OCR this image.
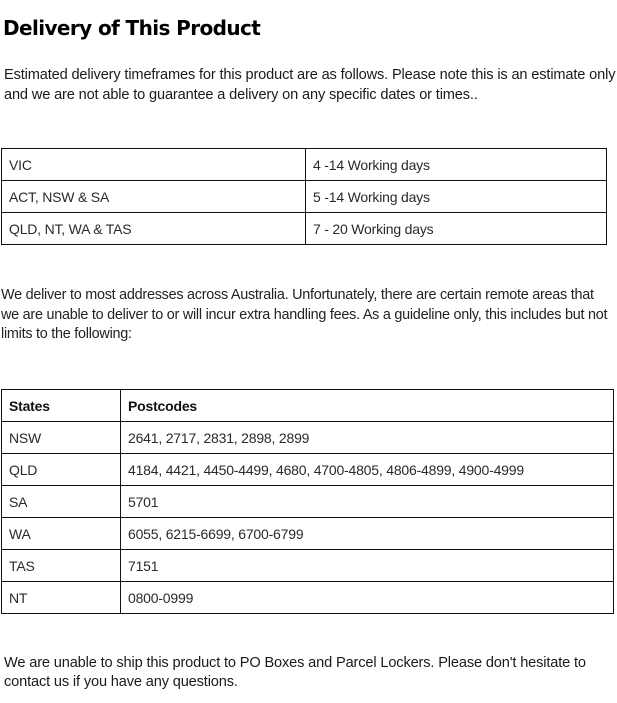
Delivery of This Product

Estimated delivery timeframes for this product are as follows. Please note this is an estimate only and we are not able to guarantee a delivery on any specific dates or times..

VIC	4 -14 Working days
ACT, NSW & SA	5 -14 Working days
QLD, NT, WA & TAS	7 - 20 Working days

We deliver to most addresses across Australia. Unfortunately, there are certain remote areas that we are unable to deliver to or will incur extra handling fees. As a guideline only, this includes but not limits to the following:

States	Postcodes
NSW	2641, 2717, 2831, 2898, 2899
QLD	4184, 4421, 4450-4499, 4680, 4700-4805, 4806-4899, 4900-4999
SA	5701
WA	6055, 6215-6699, 6700-6799
TAS	7151
NT	0800-0999

We are unable to ship this product to PO Boxes and Parcel Lockers. Please don't hesitate to contact us if you have any questions.
